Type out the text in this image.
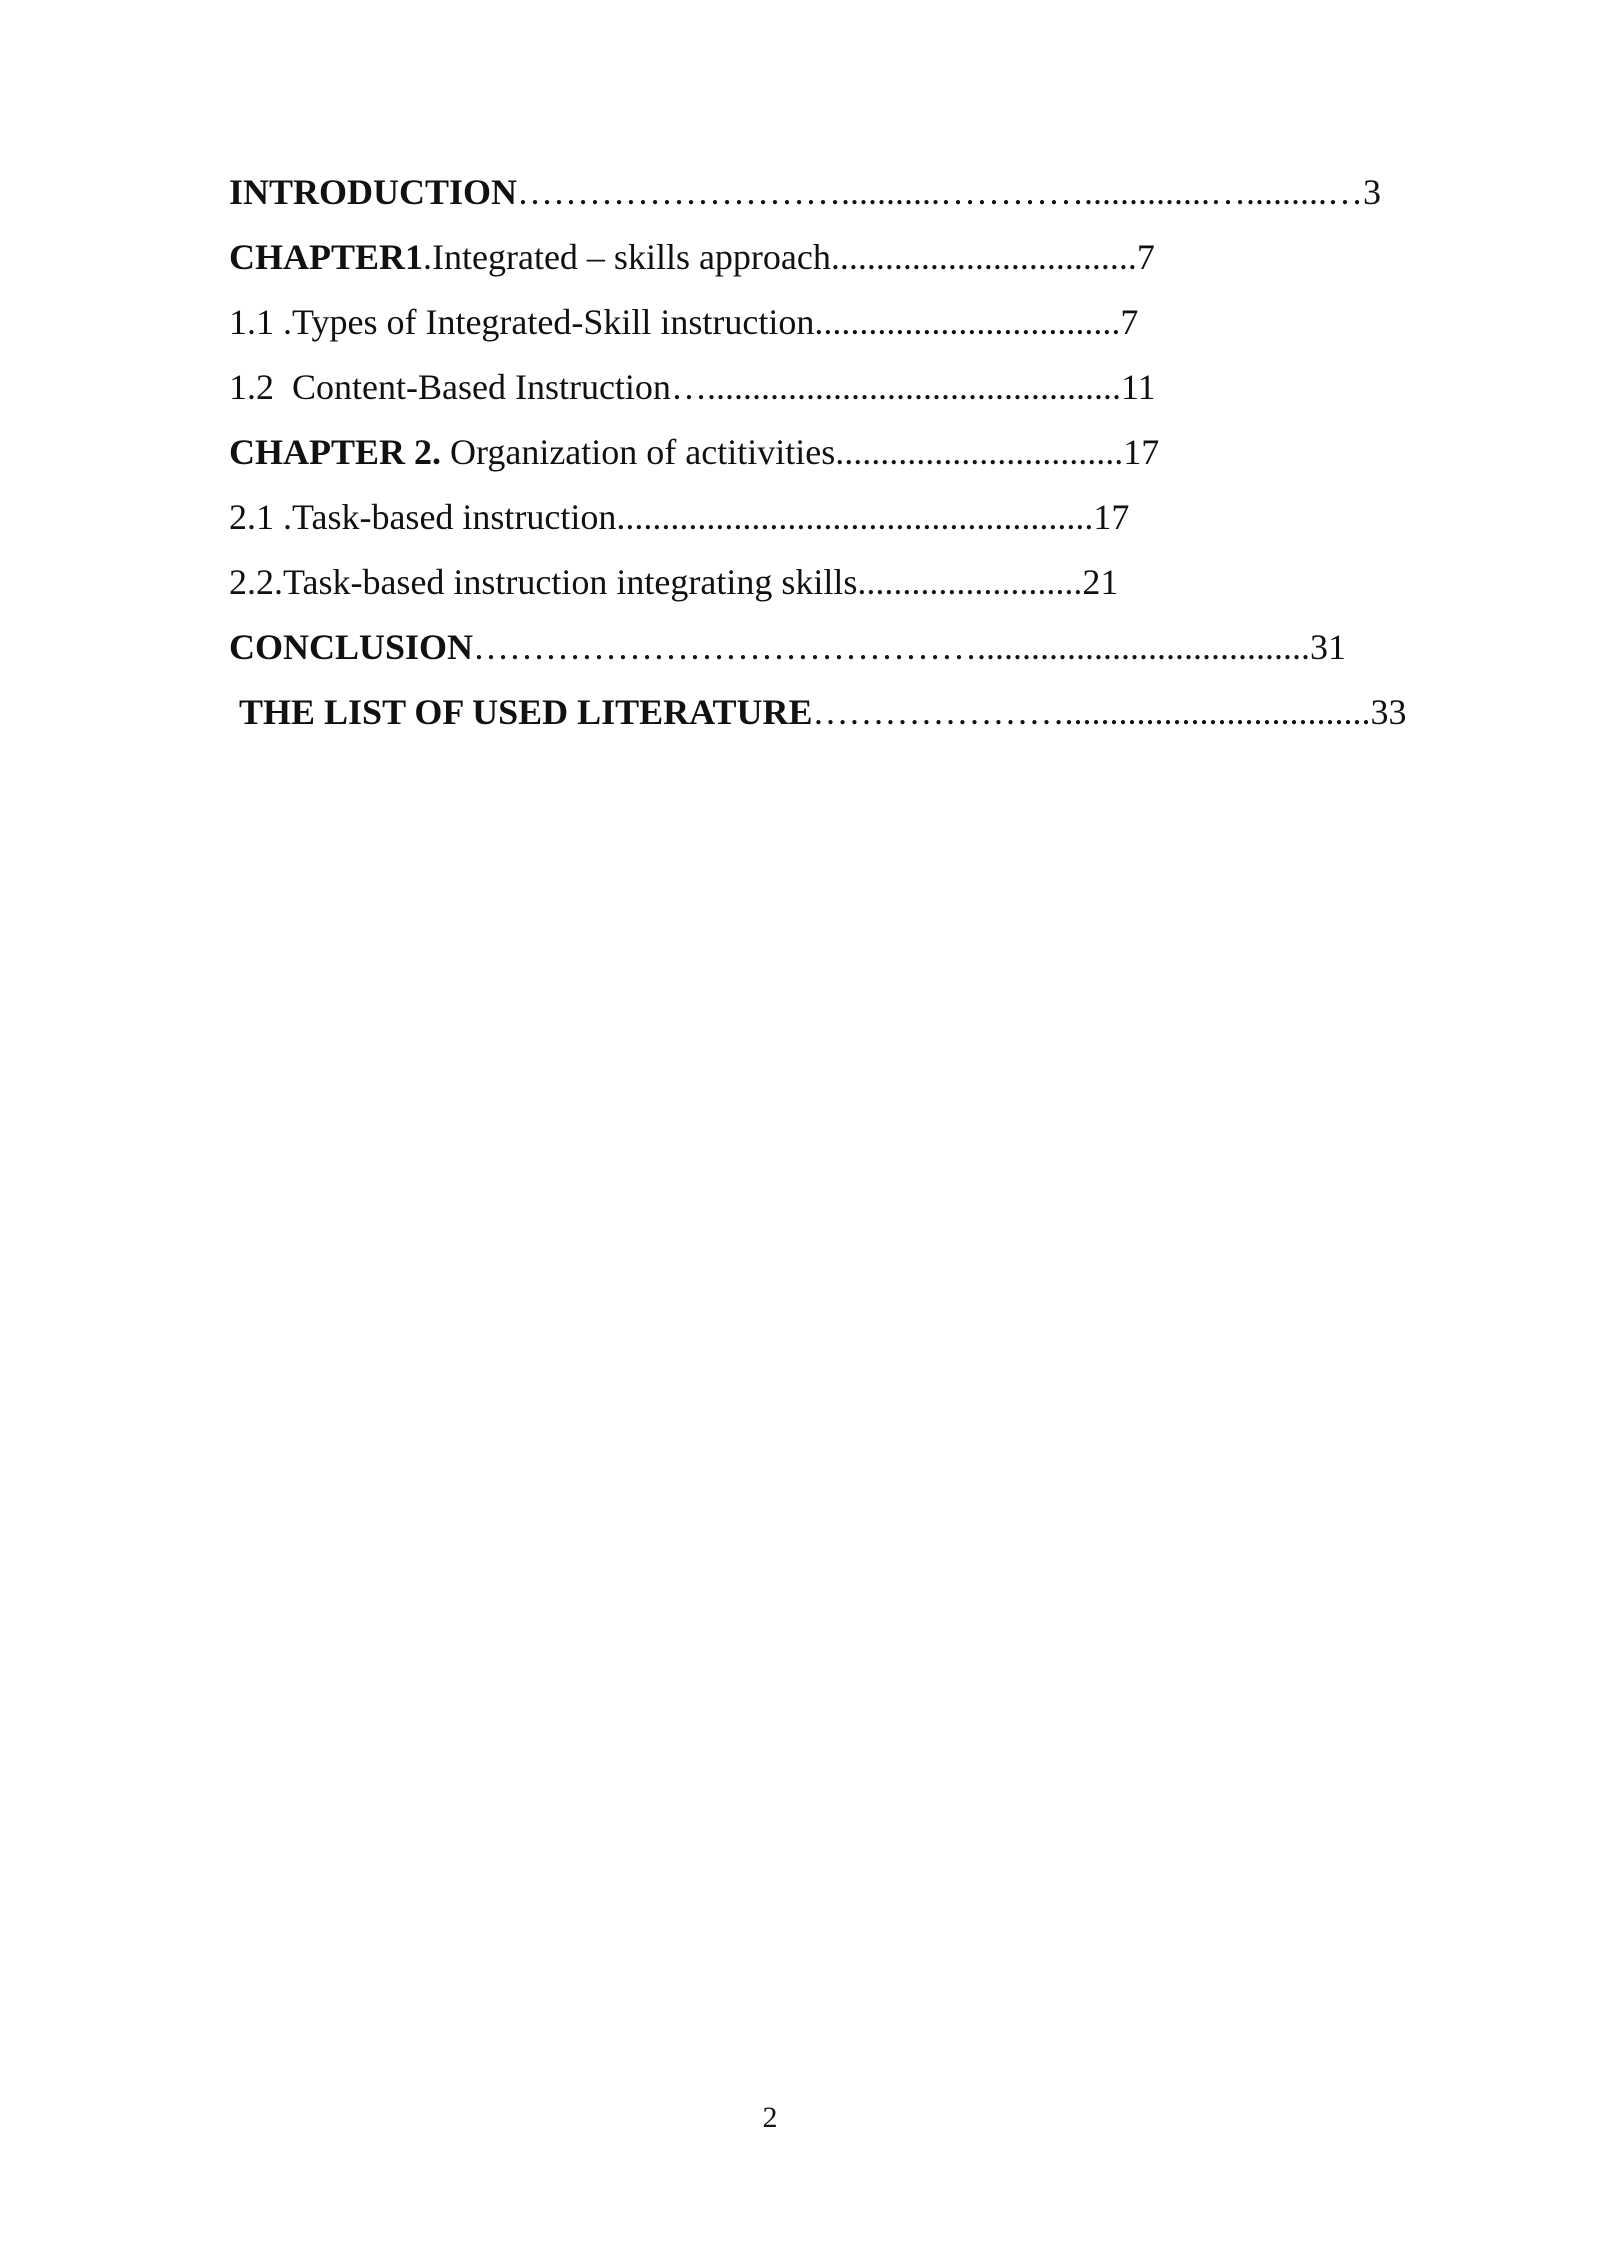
INTRODUCTION………………………...........…………..............….........…3
CHAPTER1.Integrated – skills approach..................................7
1.1 .Types of Integrated-Skill instruction..................................7
1.2  Content-Based Instruction…..............................................11
CHAPTER 2. Organization of actitivities................................17
2.1 .Task-based instruction.....................................................17
2.2.Task-based instruction integrating skills.........................21
CONCLUSION…………………………………….....................................31
THE LIST OF USED LITERATURE…………………..................................33
2
